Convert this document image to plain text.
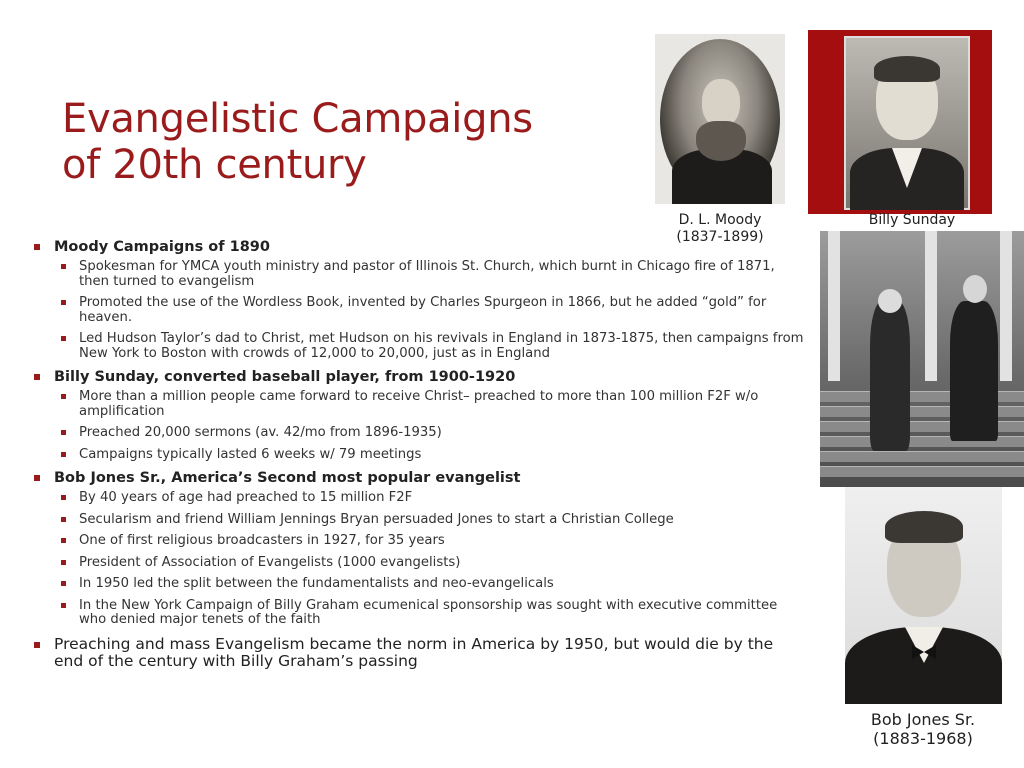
Evangelistic Campaigns
of 20th century
Moody Campaigns of 1890
Spokesman for YMCA youth ministry and pastor of Illinois St. Church, which burnt in Chicago fire of 1871, then turned to evangelism
Promoted the use of the Wordless Book, invented by Charles Spurgeon in 1866, but he added “gold” for heaven.
Led Hudson Taylor’s dad to Christ, met Hudson on his revivals in England in 1873-1875, then campaigns from New York to Boston with crowds of 12,000 to 20,000, just as in England
Billy Sunday, converted baseball player, from 1900-1920
More than a million people came forward to receive Christ– preached to more than 100 million F2F w/o amplification
Preached 20,000 sermons (av. 42/mo from 1896-1935)
Campaigns typically lasted 6 weeks w/ 79 meetings
Bob Jones Sr., America’s Second most popular evangelist
By 40 years of age had preached to 15 million F2F
Secularism and friend William Jennings Bryan persuaded Jones to start a Christian College
One of first religious broadcasters in 1927, for 35 years
President of Association of Evangelists (1000 evangelists)
In 1950 led the split between the fundamentalists and neo-evangelicals
In the New York Campaign of Billy Graham ecumenical sponsorship was sought with executive committee who denied major tenets of the faith
Preaching and mass Evangelism became the norm in America by 1950, but would die by the end of the century with Billy Graham’s passing
D. L. Moody
(1837-1899)
Billy Sunday
Bob Jones Sr.
(1883-1968)
